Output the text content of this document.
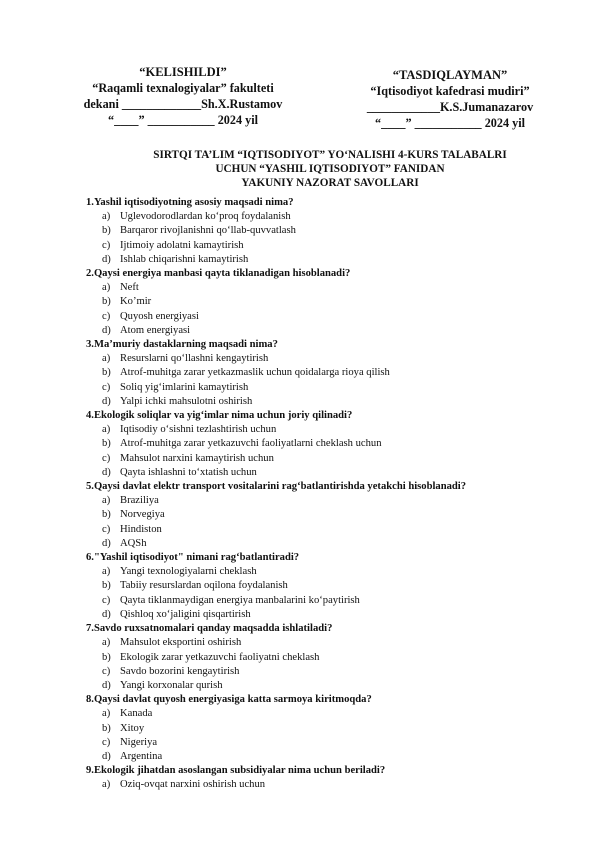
“KELISHILDI”
“Raqamli texnalogiyalar” fakulteti
dekani _____________Sh.X.Rustamov
“____” ___________ 2024 yil
“TASDIQLAYMAN”
“Iqtisodiyot kafedrasi mudiri”
____________K.S.Jumanazarov
“____” ___________ 2024 yil
SIRTQI TA’LIM “IQTISODIYOT” YO‘NALISHI 4-KURS TALABALRI
UCHUN “YASHIL IQTISODIYOT” FANIDAN
YAKUNIY NAZORAT SAVOLLARI
1.Yashil iqtisodiyotning asosiy maqsadi nima?
a) Uglevodorodlardan ko‘proq foydalanish
b) Barqaror rivojlanishni qo‘llab-quvvatlash
c) Ijtimoiy adolatni kamaytirish
d) Ishlab chiqarishni kamaytirish
2.Qaysi energiya manbasi qayta tiklanadigan hisoblanadi?
a) Neft
b) Ko’mir
c) Quyosh energiyasi
d) Atom energiyasi
3.Ma’muriy dastaklarning maqsadi nima?
a) Resurslarni qo‘llashni kengaytirish
b) Atrof-muhitga zarar yetkazmaslik uchun qoidalarga rioya qilish
c) Soliq yig‘imlarini kamaytirish
d) Yalpi ichki mahsulotni oshirish
4.Ekologik soliqlar va yig‘imlar nima uchun joriy qilinadi?
a) Iqtisodiy o‘sishni tezlashtirish uchun
b) Atrof-muhitga zarar yetkazuvchi faoliyatlarni cheklash uchun
c) Mahsulot narxini kamaytirish uchun
d) Qayta ishlashni to‘xtatish uchun
5.Qaysi davlat elektr transport vositalarini rag‘batlantirishda yetakchi hisoblanadi?
a) Braziliya
b) Norvegiya
c) Hindiston
d) AQSh
6."Yashil iqtisodiyot" nimani rag‘batlantiradi?
a) Yangi texnologiyalarni cheklash
b) Tabiiy resurslardan oqilona foydalanish
c) Qayta tiklanmaydigan energiya manbalarini ko‘paytirish
d) Qishloq xo‘jaligini qisqartirish
7.Savdo ruxsatnomalari qanday maqsadda ishlatiladi?
a) Mahsulot eksportini oshirish
b) Ekologik zarar yetkazuvchi faoliyatni cheklash
c) Savdo bozorini kengaytirish
d) Yangi korxonalar qurish
8.Qaysi davlat quyosh energiyasiga katta sarmoya kiritmoqda?
a) Kanada
b) Xitoy
c) Nigeriya
d) Argentina
9.Ekologik jihatdan asoslangan subsidiyalar nima uchun beriladi?
a) Oziq-ovqat narxini oshirish uchun
